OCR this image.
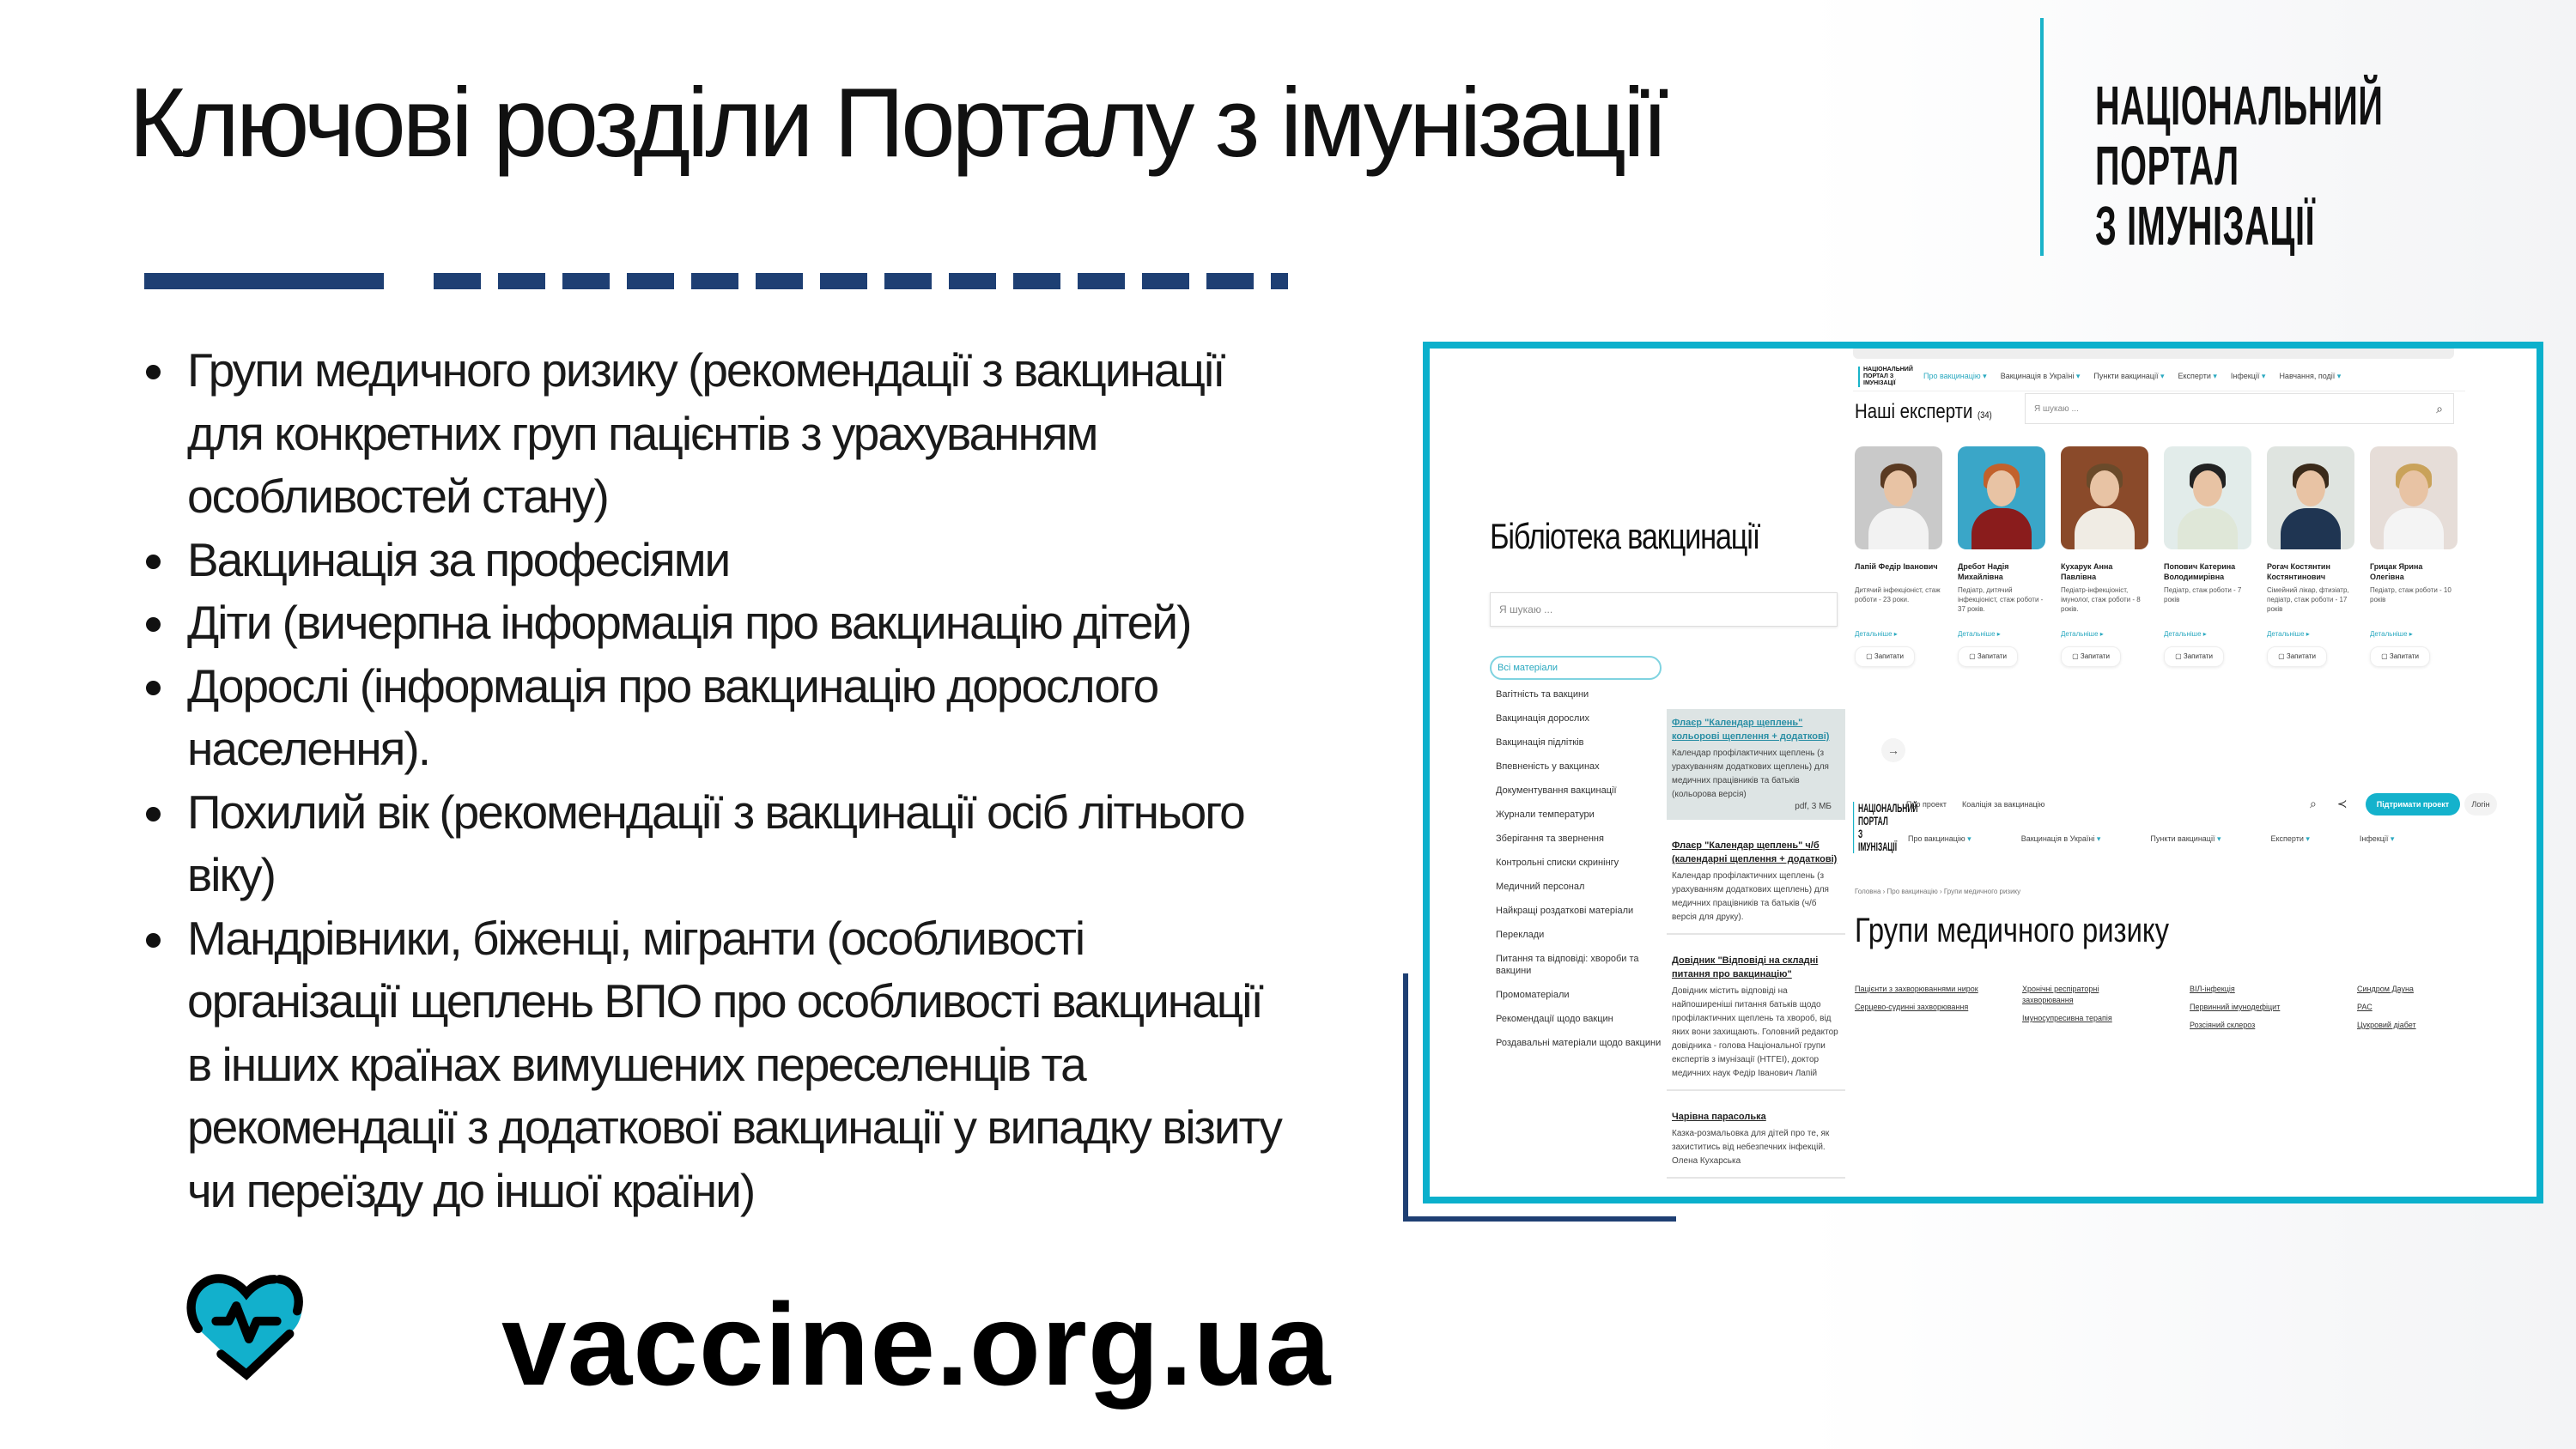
Ключові розділи Порталу з імунізації	НАЦІОНАЛЬНИЙ
ПОРТАЛ
З ІМУНІЗАЦІЇ
Групи медичного ризику (рекомендації з вакцинації для конкретних груп пацієнтів з урахуванням особливостей стану)
Вакцинація за професіями
Діти (вичерпна інформація про вакцинацію дітей)
Дорослі (інформація про вакцинацію дорослого населення).
Похилий вік (рекомендації з вакцинації осіб літнього віку)
Мандрівники, біженці, мігранти (особливості організації щеплень ВПО про особливості вакцинації в інших країнах вимушених переселенців та рекомендації з додаткової вакцинації у випадку візиту чи переїзду до іншої країни)
vaccine.org.ua
Бібліотека вакцинації
Я шукаю ...
Всі матеріали
Вагітність та вакцини
Вакцинація дорослих
Вакцинація підлітків
Впевненість у вакцинах
Документування вакцинації
Журнали температури
Зберігання та звернення
Контрольні списки скринінгу
Медичний персонал
Найкращі роздаткові матеріали
Переклади
Питання та відповіді: хвороби та вакцини
Промоматеріали
Рекомендації щодо вакцин
Роздавальні матеріали щодо вакцини
Флаєр "Календар щеплень" кольорові щеплення + додаткові)
Календар профілактичних щеплень (з урахуванням додаткових щеплень) для медичних працівників та батьків (кольорова версія)
pdf, 3 МБ
Флаєр "Календар щеплень" ч/б (календарні щеплення + додаткові)
Календар профілактичних щеплень (з урахуванням додаткових щеплень) для медичних працівників та батьків (ч/б версія для друку).
Довідник "Відповіді на складні питання про вакцинацію"
Довідник містить відповіді на найпоширеніші питання батьків щодо профілактичних щеплень та хвороб, від яких вони захищають. Головний редактор довідника - голова Національної групи експертів з імунізації (НТГЕІ), доктор медичних наук Федір Іванович Лапій
Чарівна парасолька
Казка-розмальовка для дітей про те, як захиститись від небезпечних інфекцій. Олена Кухарська
→
НАЦІОНАЛЬНИЙ ПОРТАЛ З ІМУНІЗАЦІЇ
Про вакцинацію ▾	Вакцинація в Україні ▾	Пункти вакцинації ▾	Експерти ▾	Інфекції ▾	Навчання, події ▾
Наші експерти (34)
Я шукаю ...	⌕
Лапій Федір Іванович
Дитячий інфекціоніст, стаж роботи - 23 роки.
Детальніше ▸
▢ Запитати
Дребот Надія Михайлівна
Педіатр, дитячий інфекціоніст, стаж роботи - 37 років.
Детальніше ▸
▢ Запитати
Кухарук Анна Павлівна
Педіатр-інфекціоніст, імунолог, стаж роботи - 8 років.
Детальніше ▸
▢ Запитати
Попович Катерина Володимирівна
Педіатр, стаж роботи - 7 років
Детальніше ▸
▢ Запитати
Рогач Костянтин Костянтинович
Сімейний лікар, фтизіатр, педіатр, стаж роботи - 17 років
Детальніше ▸
▢ Запитати
Грицак Ярина Олегівна
Педіатр, стаж роботи - 10 років
Детальніше ▸
▢ Запитати
НАЦІОНАЛЬНИЙ ПОРТАЛ З ІМУНІЗАЦІЇ
Про проект Коаліція за вакцинацію	⌕ ≺	Підтримати проект	Логін
Про вакцинацію ▾	Вакцинація в Україні ▾	Пункти вакцинації ▾	Експерти ▾	Інфекції ▾
Головна › Про вакцинацію › Групи медичного ризику
Групи медичного ризику
Пацієнти з захворюваннями нирок
Серцево-судинні захворювання
Хронічні респіраторні захворювання
Імуносупресивна терапія
ВІЛ-інфекція
Первинний імунодефіцит
Розсіяний склероз
Синдром Дауна
РАС
Цукровий діабет
